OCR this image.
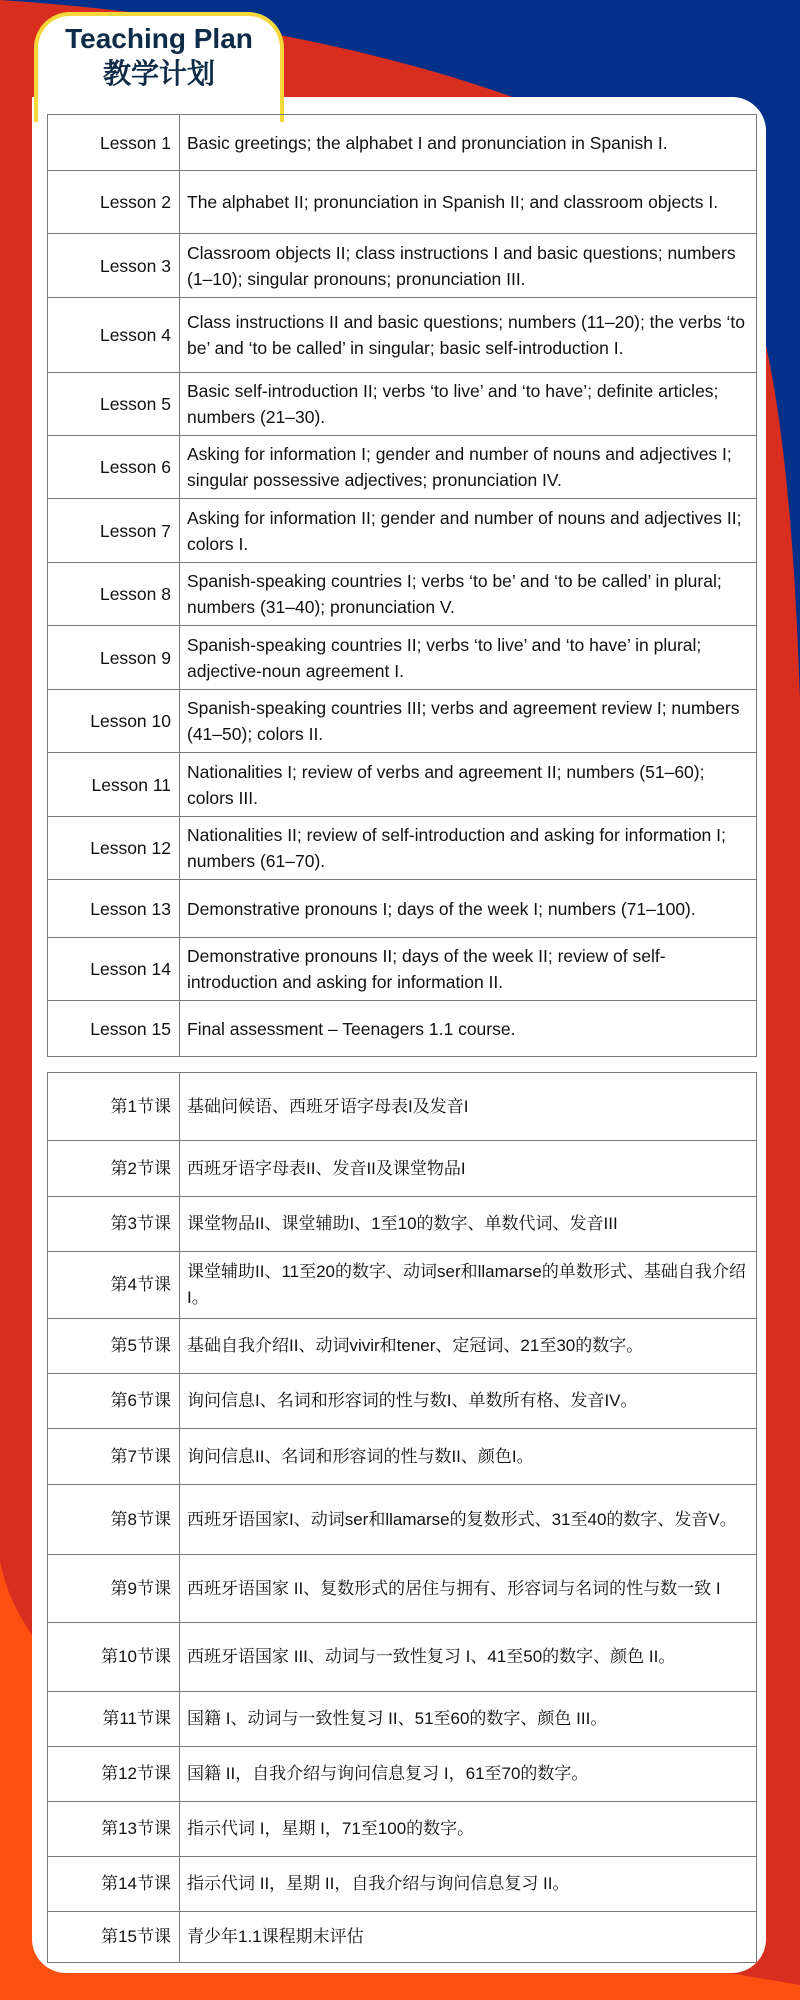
Teaching Plan
教学计划
Lesson 1	Basic greetings; the alphabet I and pronunciation in Spanish I.
Lesson 2	The alphabet II; pronunciation in Spanish II; and classroom objects I.
Lesson 3	Classroom objects II; class instructions I and basic questions; numbers (1–10); singular pronouns; pronunciation III.
Lesson 4	Class instructions II and basic questions; numbers (11–20); the verbs ‘to be’ and ‘to be called’ in singular; basic self-introduction I.
Lesson 5	Basic self-introduction II; verbs ‘to live’ and ‘to have’; definite articles; numbers (21–30).
Lesson 6	Asking for information I; gender and number of nouns and adjectives I; singular possessive adjectives; pronunciation IV.
Lesson 7	Asking for information II; gender and number of nouns and adjectives II; colors I.
Lesson 8	Spanish-speaking countries I; verbs ‘to be’ and ‘to be called’ in plural; numbers (31–40); pronunciation V.
Lesson 9	Spanish-speaking countries II; verbs ‘to live’ and ‘to have’ in plural; adjective-noun agreement I.
Lesson 10	Spanish-speaking countries III; verbs and agreement review I; numbers (41–50); colors II.
Lesson 11	Nationalities I; review of verbs and agreement II; numbers (51–60); colors III.
Lesson 12	Nationalities II; review of self-introduction and asking for information I; numbers (61–70).
Lesson 13	Demonstrative pronouns I; days of the week I; numbers (71–100).
Lesson 14	Demonstrative pronouns II; days of the week II; review of self-introduction and asking for information II.
Lesson 15	Final assessment – Teenagers 1.1 course.
第1节课	基础问候语、西班牙语字母表I及发音I
第2节课	西班牙语字母表II、发音II及课堂物品I
第3节课	课堂物品II、课堂辅助I、1至10的数字、单数代词、发音III
第4节课	课堂辅助II、11至20的数字、动词ser和llamarse的单数形式、基础自我介绍I。
第5节课	基础自我介绍II、动词vivir和tener、定冠词、21至30的数字。
第6节课	询问信息I、名词和形容词的性与数I、单数所有格、发音IV。
第7节课	询问信息II、名词和形容词的性与数II、颜色I。
第8节课	西班牙语国家I、动词ser和llamarse的复数形式、31至40的数字、发音V。
第9节课	西班牙语国家 II、复数形式的居住与拥有、形容词与名词的性与数一致 I
第10节课	西班牙语国家 III、动词与一致性复习 I、41至50的数字、颜色 II。
第11节课	国籍 I、动词与一致性复习 II、51至60的数字、颜色 III。
第12节课	国籍 II，自我介绍与询问信息复习 I，61至70的数字。
第13节课	指示代词 I，星期 I，71至100的数字。
第14节课	指示代词 II，星期 II，自我介绍与询问信息复习 II。
第15节课	青少年1.1课程期末评估
